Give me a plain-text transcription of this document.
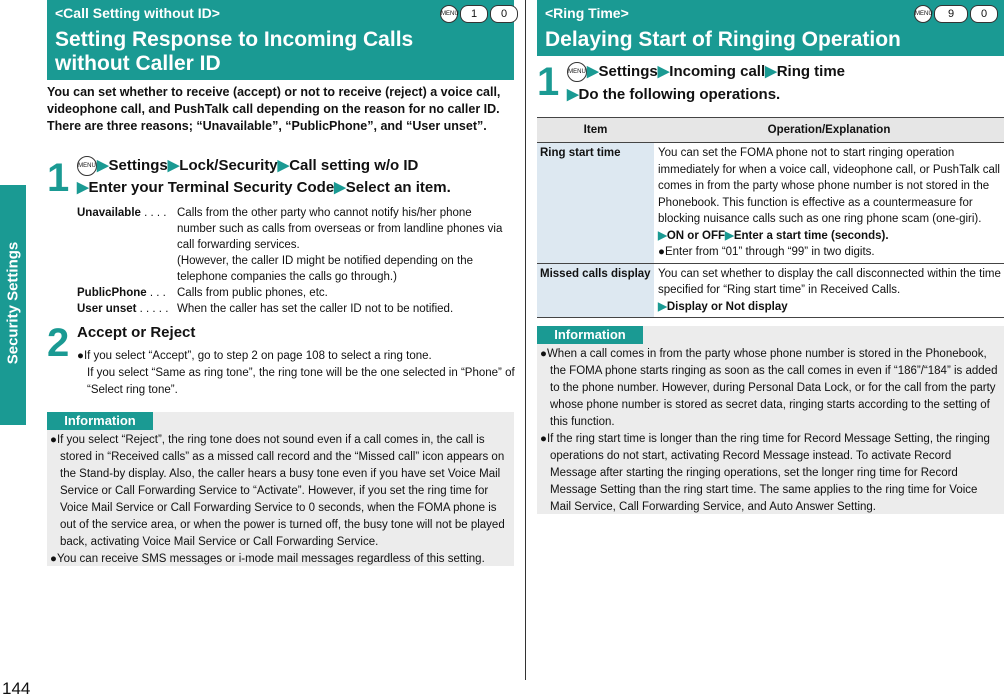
Security Settings
144
<Call Setting without ID>
Setting Response to Incoming Calls
without Caller ID
MENU	1	0
You can set whether to receive (accept) or not to receive (reject) a voice call, videophone call, and PushTalk call depending on the reason for no caller ID. There are three reasons; “Unavailable”, “PublicPhone”, and “User unset”.
1 MENU▶Settings▶Lock/Security▶Call setting w/o ID
▶Enter your Terminal Security Code▶Select an item.
Unavailable . . . . Calls from the other party who cannot notify his/her phone
number such as calls from overseas or from landline phones via
call forwarding services.
(However, the caller ID might be notified depending on the
telephone companies the calls go through.)
PublicPhone . . . Calls from public phones, etc.
User unset . . . . . When the caller has set the caller ID not to be notified.
2 Accept or Reject

●If you select “Accept”, go to step 2 on page 108 to select a ring tone.

If you select “Same as ring tone”, the ring tone will be the one selected in “Phone” of “Select ring tone”.

Information

●If you select “Reject”, the ring tone does not sound even if a call comes in, the call is stored in “Received calls” as a missed call record and the “Missed call” icon appears on the Stand-by display. Also, the caller hears a busy tone even if you have set Voice Mail Service or Call Forwarding Service to “Activate”. However, if you set the ring time for Voice Mail Service or Call Forwarding Service to 0 seconds, when the FOMA phone is out of the service area, or when the power is turned off, the busy tone will not be played back, activating Voice Mail Service or Call Forwarding Service.

●You can receive SMS messages or i-mode mail messages regardless of this setting.

<Ring Time>
Delaying Start of Ringing Operation
MENU	9	0
1 MENU▶Settings▶Incoming call▶Ring time
▶Do the following operations.
Item	Operation/Explanation
Ring start time	You can set the FOMA phone not to start ringing operation immediately for when a voice call, videophone call, or PushTalk call comes in from the party whose phone number is not stored in the Phonebook. This function is effective as a countermeasure for blocking nuisance calls such as one ring phone scam (one-giri).
▶ON or OFF▶Enter a start time (seconds).
●Enter from “01” through “99” in two digits.

Missed calls display	You can set whether to display the call disconnected within the time specified for “Ring start time” in Received Calls.
▶Display or Not display
Information

●When a call comes in from the party whose phone number is stored in the Phonebook, the FOMA phone starts ringing as soon as the call comes in even if “186”/“184” is added to the phone number. However, during Personal Data Lock, or for the call from the party whose phone number is stored as secret data, ringing starts according to the setting of this function.

●If the ring start time is longer than the ring time for Record Message Setting, the ringing operations do not start, activating Record Message instead. To activate Record Message after starting the ringing operations, set the longer ring time for Record Message Setting than the ring start time. The same applies to the ring time for Voice Mail Service, Call Forwarding Service, and Auto Answer Setting.
